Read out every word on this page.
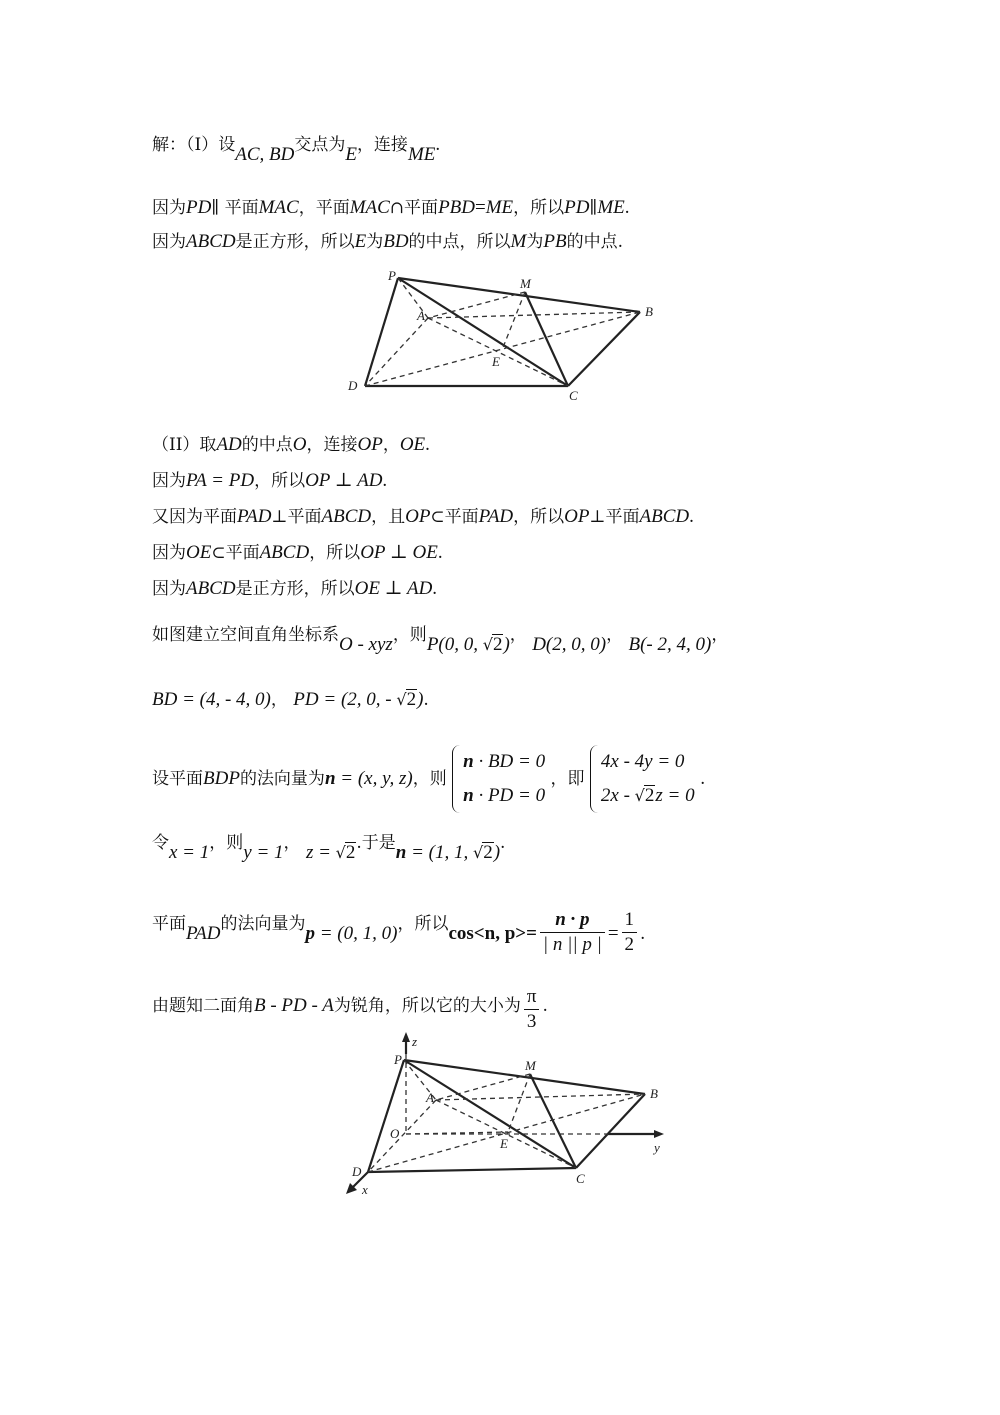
解：（I）设AC, BD交点为E，连接ME.
因为PD∥ 平面MAC，平面MAC∩平面PBD=ME，所以PD∥ME.
因为ABCD是正方形，所以E为BD的中点，所以M为PB的中点.
P
M
A	B
E
D
C
（II）取AD的中点O，连接OP，OE.
因为PA = PD，所以OP ⊥ AD.
又因为平面PAD⊥平面ABCD，且OP⊂平面PAD，所以OP⊥平面ABCD.
因为OE⊂平面ABCD，所以OP ⊥ OE.
因为ABCD是正方形，所以OE ⊥ AD.
如图建立空间直角坐标系O - xyz，则P(0, 0, √2)， D(2, 0, 0)， B(- 2, 4, 0)，
BD = (4, - 4, 0)， PD = (2, 0, - √2).
设平面BDP的法向量为n = (x, y, z)，则
n · BD = 0
n · PD = 0
，即
4x - 4y = 0
2x - √2z = 0
.
令x = 1，则y = 1， z = √2.于是n = (1, 1, √2).
平面PAD的法向量为p = (0, 1, 0)，所以cos<n, $p>= \frac{n \cdot p}{| n || p |} = \frac{1}{2}$ .
由题知二面角B - PD - A为锐角，所以它的大小为 $\frac{\pi}{3}$ .
P
z
M
A	B
O
E	y
D
x
C
